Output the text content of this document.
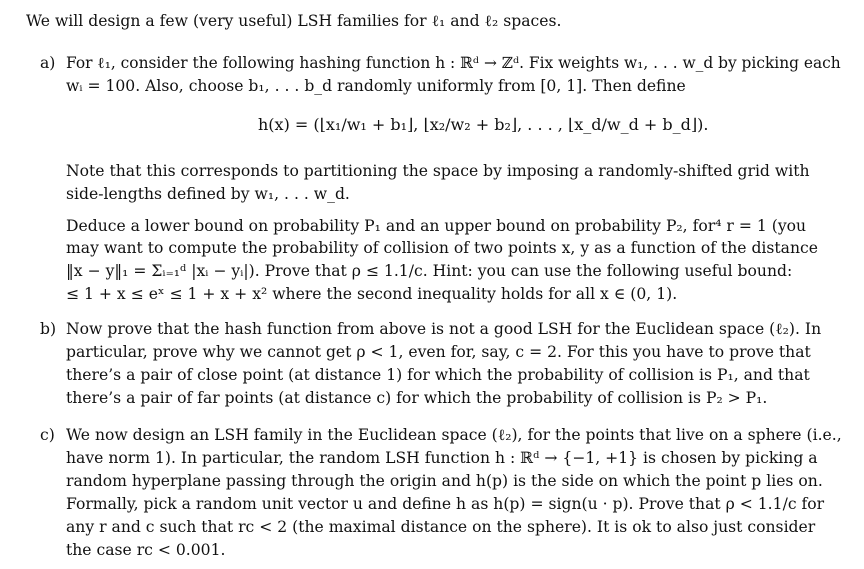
We will design a few (very useful) LSH families for ℓ₁ and ℓ₂ spaces.
a) For ℓ₁, consider the following hashing function h : ℝᵈ → ℤᵈ. Fix weights w₁, . . . w_d by picking each
wᵢ = 100. Also, choose b₁, . . . b_d randomly uniformly from [0, 1]. Then define
h(x) = (⌊x₁/w₁ + b₁⌋, ⌊x₂/w₂ + b₂⌋, . . . , ⌊x_d/w_d + b_d⌋).
Note that this corresponds to partitioning the space by imposing a randomly-shifted grid with
side-lengths defined by w₁, . . . w_d.
Deduce a lower bound on probability P₁ and an upper bound on probability P₂, for⁴ r = 1 (you
may want to compute the probability of collision of two points x, y as a function of the distance
‖x − y‖₁ = Σᵢ₌₁ᵈ |xᵢ − yᵢ|). Prove that ρ ≤ 1.1/c. Hint: you can use the following useful bound:
≤ 1 + x ≤ eˣ ≤ 1 + x + x² where the second inequality holds for all x ∈ (0, 1).
b) Now prove that the hash function from above is not a good LSH for the Euclidean space (ℓ₂). In
particular, prove why we cannot get ρ < 1, even for, say, c = 2. For this you have to prove that
there’s a pair of close point (at distance 1) for which the probability of collision is P₁, and that
there’s a pair of far points (at distance c) for which the probability of collision is P₂ > P₁.
c) We now design an LSH family in the Euclidean space (ℓ₂), for the points that live on a sphere (i.e.,
have norm 1). In particular, the random LSH function h : ℝᵈ → {−1, +1} is chosen by picking a
random hyperplane passing through the origin and h(p) is the side on which the point p lies on.
Formally, pick a random unit vector u and define h as h(p) = sign(u · p). Prove that ρ < 1.1/c for
any r and c such that rc < 2 (the maximal distance on the sphere). It is ok to also just consider
the case rc < 0.001.
